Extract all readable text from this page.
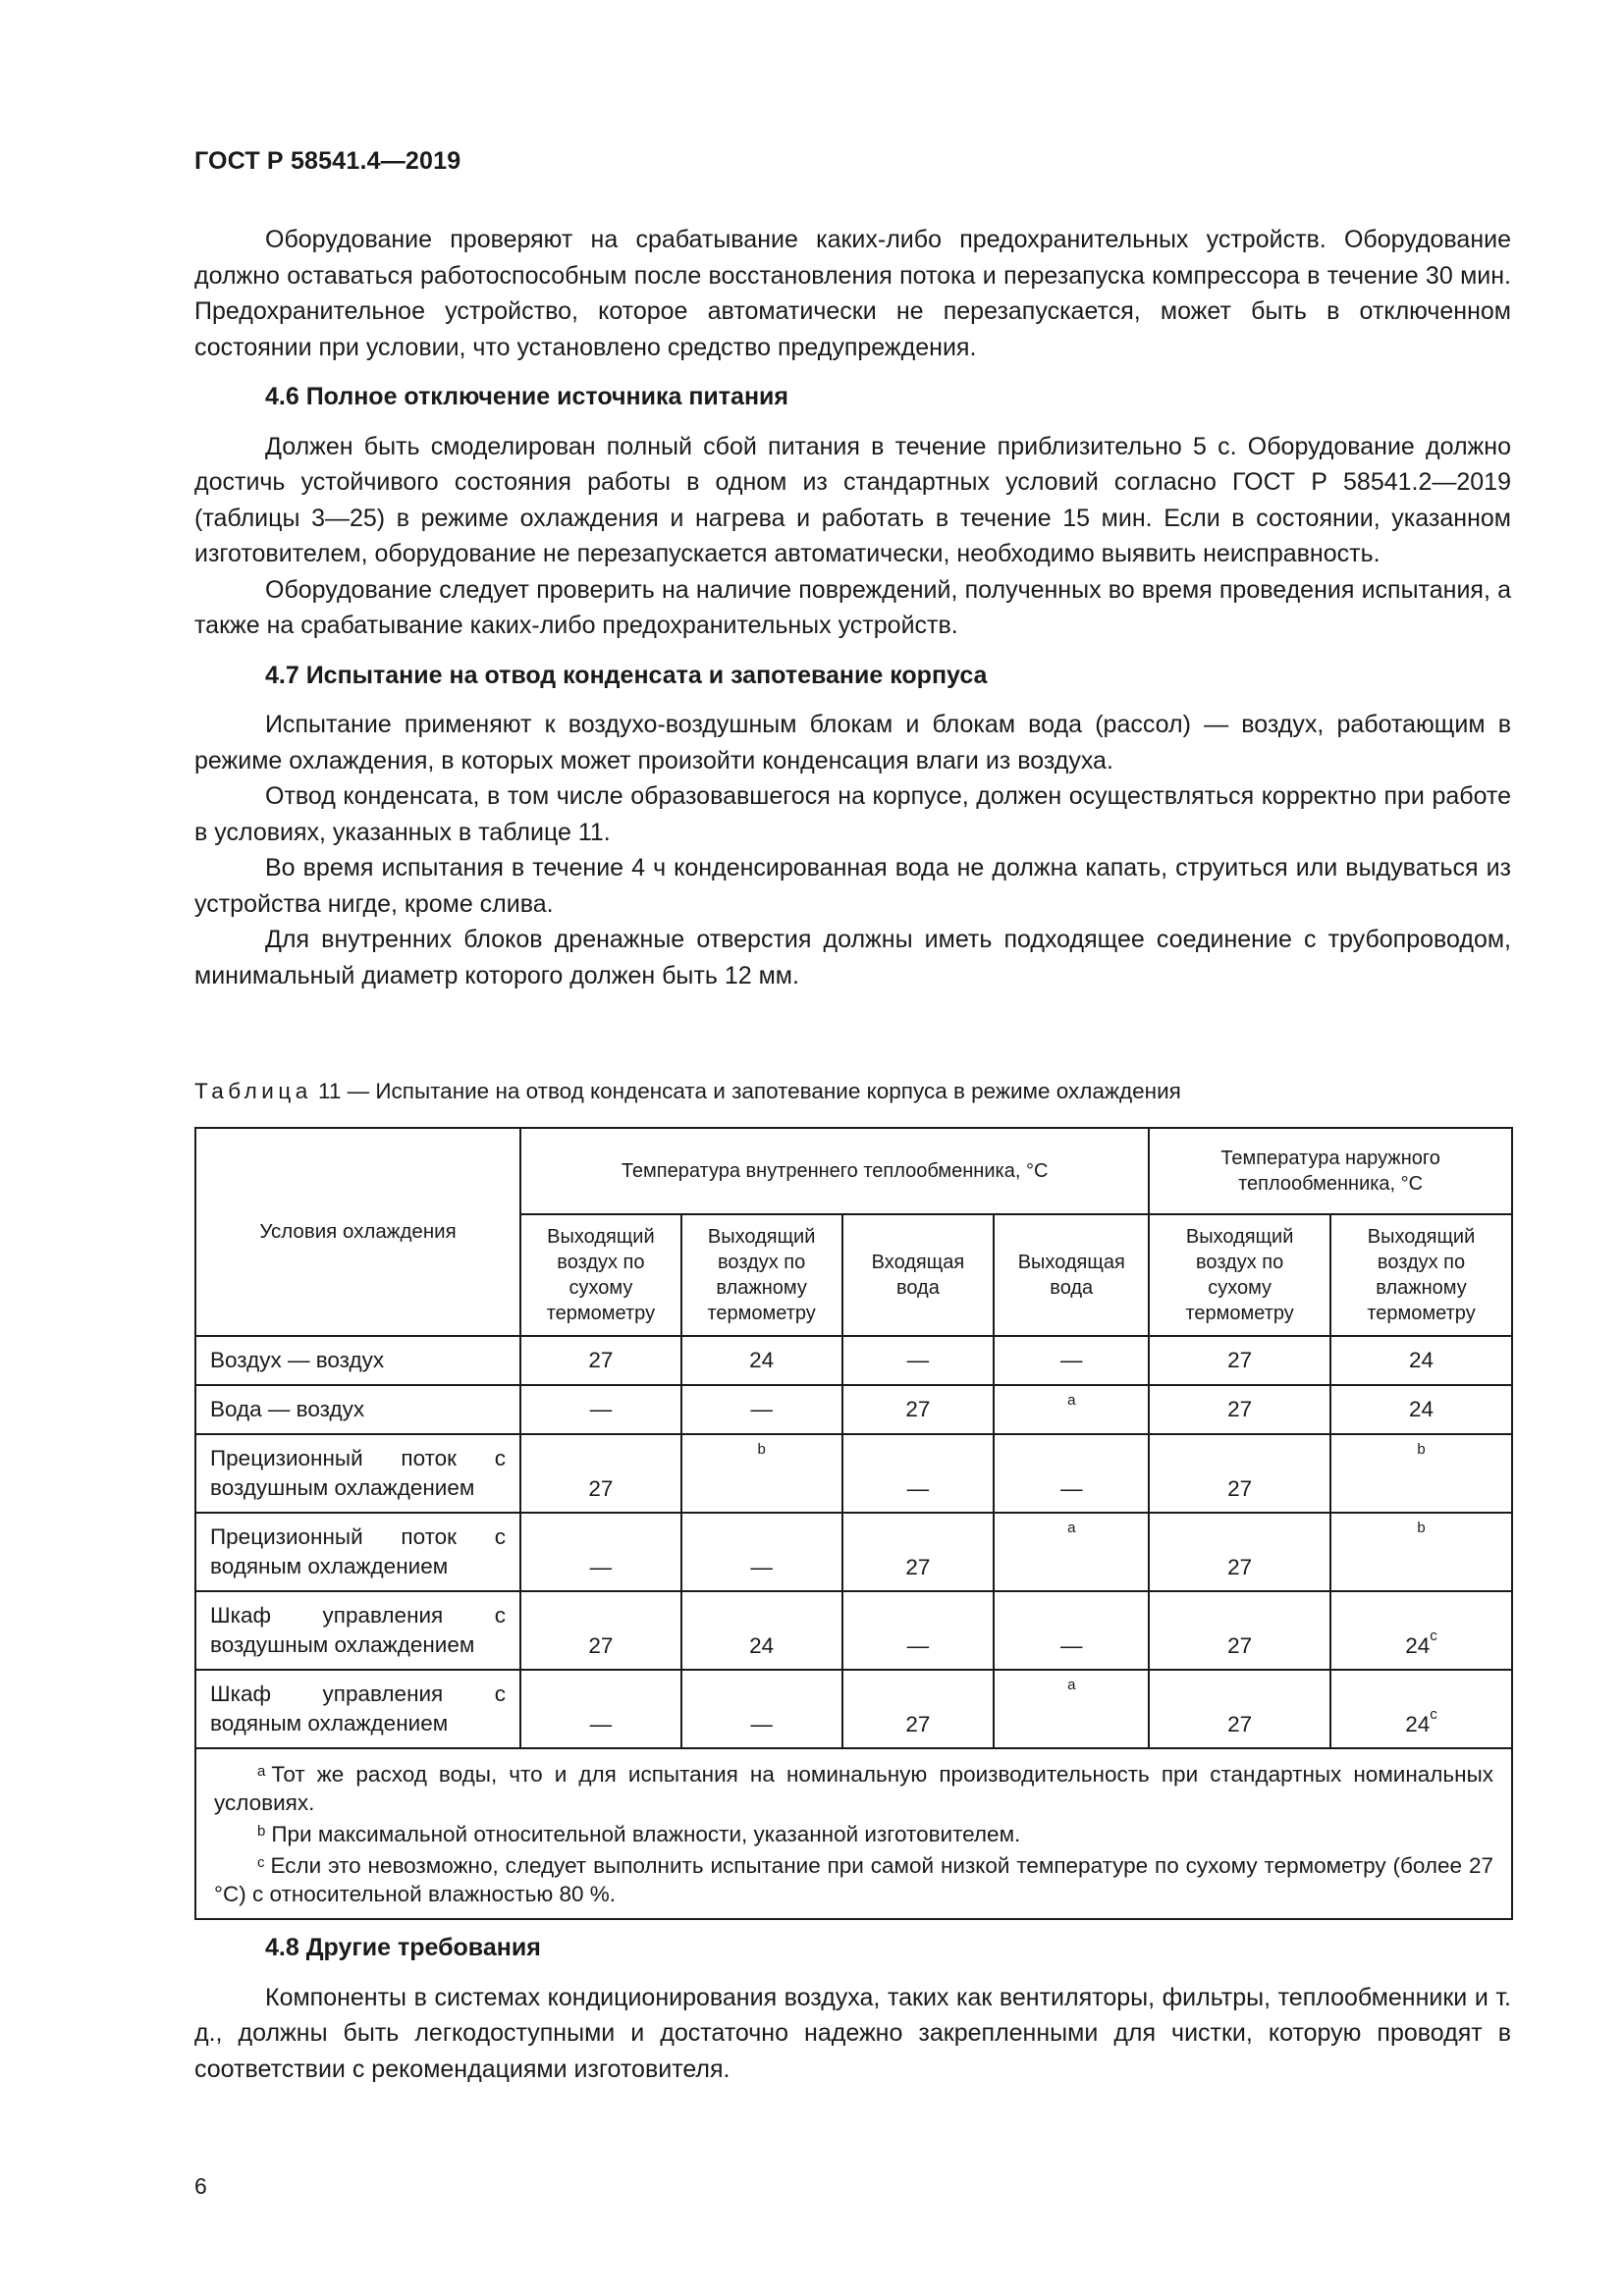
ГОСТ Р 58541.4—2019

Оборудование проверяют на срабатывание каких-либо предохранительных устройств. Оборудование должно оставаться работоспособным после восстановления потока и перезапуска компрессора в течение 30 мин. Предохранительное устройство, которое автоматически не перезапускается, может быть в отключенном состоянии при условии, что установлено средство предупреждения.

4.6 Полное отключение источника питания

Должен быть смоделирован полный сбой питания в течение приблизительно 5 с. Оборудование должно достичь устойчивого состояния работы в одном из стандартных условий согласно ГОСТ Р 58541.2—2019 (таблицы 3—25) в режиме охлаждения и нагрева и работать в течение 15 мин. Если в состоянии, указанном изготовителем, оборудование не перезапускается автоматически, необходимо выявить неисправность.

Оборудование следует проверить на наличие повреждений, полученных во время проведения испытания, а также на срабатывание каких-либо предохранительных устройств.

4.7 Испытание на отвод конденсата и запотевание корпуса

Испытание применяют к воздухо-воздушным блокам и блокам вода (рассол) — воздух, работающим в режиме охлаждения, в которых может произойти конденсация влаги из воздуха.

Отвод конденсата, в том числе образовавшегося на корпусе, должен осуществляться корректно при работе в условиях, указанных в таблице 11.

Во время испытания в течение 4 ч конденсированная вода не должна капать, струиться или выдуваться из устройства нигде, кроме слива.

Для внутренних блоков дренажные отверстия должны иметь подходящее соединение с трубопроводом, минимальный диаметр которого должен быть 12 мм.

Таблица 11 — Испытание на отвод конденсата и запотевание корпуса в режиме охлаждения
Условия охлаждения	Температура внутреннего теплообменника, °C				Температура наружного теплообменника, °C	
	Выходящий воздух по сухому термометру	Выходящий воздух по влажному термометру	Входящая вода	Выходящая вода	Выходящий воздух по сухому термометру	Выходящий воздух по влажному термометру
Воздух — воздух	27	24	—	—	27	24
Вода — воздух	—	—	27	a	27	24
Прецизионный поток с воздушным охлаждением	27	b	—	—	27	b
Прецизионный поток с водяным охлаждением	—	—	27	a	27	b
Шкаф управления с воздушным охлаждением	27	24	—	—	27	24c
Шкаф управления с водяным охлаждением	—	—	27	a	27	24c

$^a$ Тот же расход воды, что и для испытания на номинальную производительность при стандартных номинальных условиях.
$^b$ При максимальной относительной влажности, указанной изготовителем.
$^c$ Если это невозможно, следует выполнить испытание при самой низкой температуре по сухому термометру (более 27 °С) с относительной влажностью 80 %.						
4.8 Другие требования

Компоненты в системах кондиционирования воздуха, таких как вентиляторы, фильтры, теплообменники и т. д., должны быть легкодоступными и достаточно надежно закрепленными для чистки, которую проводят в соответствии с рекомендациями изготовителя.

6
